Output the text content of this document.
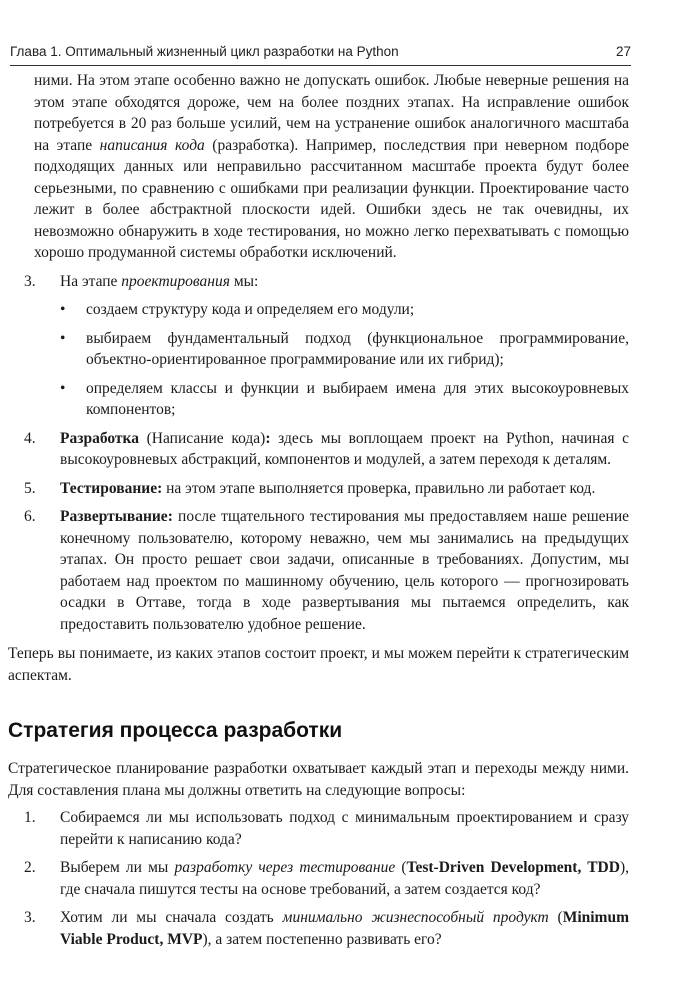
Глава 1. Оптимальный жизненный цикл разработки на Python	27

ними. На этом этапе особенно важно не допускать ошибок. Любые неверные решения на этом этапе обходятся дороже, чем на более поздних этапах. На исправление ошибок потребуется в 20 раз больше усилий, чем на устранение ошибок аналогичного масштаба на этапе написания кода (разработка). Например, последствия при неверном подборе подходящих данных или неправильно рассчитанном масштабе проекта будут более серьезными, по сравнению с ошибками при реализации функции. Проектирование часто лежит в более абстрактной плоскости идей. Ошибки здесь не так очевидны, их невозможно обнаружить в ходе тестирования, но можно легко перехватывать с помощью хорошо продуманной системы обработки исключений.

3. На этапе проектирования мы:
• создаем структуру кода и определяем его модули;
• выбираем фундаментальный подход (функциональное программирование, объектно-ориентированное программирование или их гибрид);
• определяем классы и функции и выбираем имена для этих высокоуровневых компонентов;
4. Разработка (Написание кода): здесь мы воплощаем проект на Python, начиная с высокоуровневых абстракций, компонентов и модулей, а затем переходя к деталям.
5. Тестирование: на этом этапе выполняется проверка, правильно ли работает код.
6. Развертывание: после тщательного тестирования мы предоставляем наше решение конечному пользователю, которому неважно, чем мы занимались на предыдущих этапах. Он просто решает свои задачи, описанные в требованиях. Допустим, мы работаем над проектом по машинному обучению, цель которого — прогнозировать осадки в Оттаве, тогда в ходе развертывания мы пытаемся определить, как предоставить пользователю удобное решение.

Теперь вы понимаете, из каких этапов состоит проект, и мы можем перейти к стратегическим аспектам.

Стратегия процесса разработки

Стратегическое планирование разработки охватывает каждый этап и переходы между ними. Для составления плана мы должны ответить на следующие вопросы:

1. Собираемся ли мы использовать подход с минимальным проектированием и сразу перейти к написанию кода?
2. Выберем ли мы разработку через тестирование (Test-Driven Development, TDD), где сначала пишутся тесты на основе требований, а затем создается код?
3. Хотим ли мы сначала создать минимально жизнеспособный продукт (Minimum Viable Product, MVP), а затем постепенно развивать его?
